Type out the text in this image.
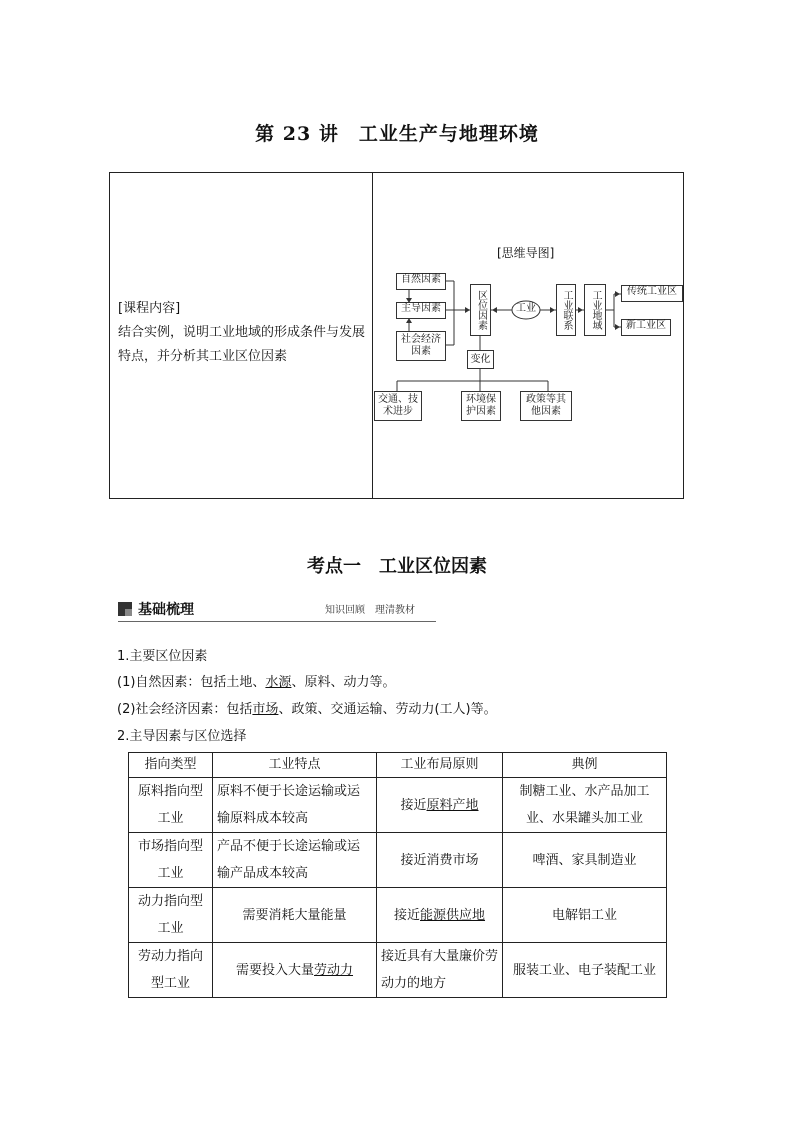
第 23 讲　工业生产与地理环境
[课程内容]
结合实例，说明工业地域的形成条件与发展特点，并分析其工业区位因素
[思维导图]
自然因素
主导因素
社会经济因素
区位因素	工业	工业联系	工业地域	传统工业区
新工业区
变化
交通、技术进步
环境保护因素
政策等其他因素
考点一　工业区位因素
基础梳理	知识回顾　理清教材
1.主要区位因素
(1)自然因素：包括土地、水源、原料、动力等。
(2)社会经济因素：包括市场、政策、交通运输、劳动力(工人)等。
2.主导因素与区位选择
指向类型	工业特点	工业布局原则	典例
原料指向型工业	原料不便于长途运输或运输原料成本较高	接近原料产地	制糖工业、水产品加工业、水果罐头加工业
市场指向型工业	产品不便于长途运输或运输产品成本较高	接近消费市场	啤酒、家具制造业
动力指向型工业	需要消耗大量能量	接近能源供应地	电解铝工业
劳动力指向型工业	需要投入大量劳动力	接近具有大量廉价劳动力的地方	服装工业、电子装配工业
